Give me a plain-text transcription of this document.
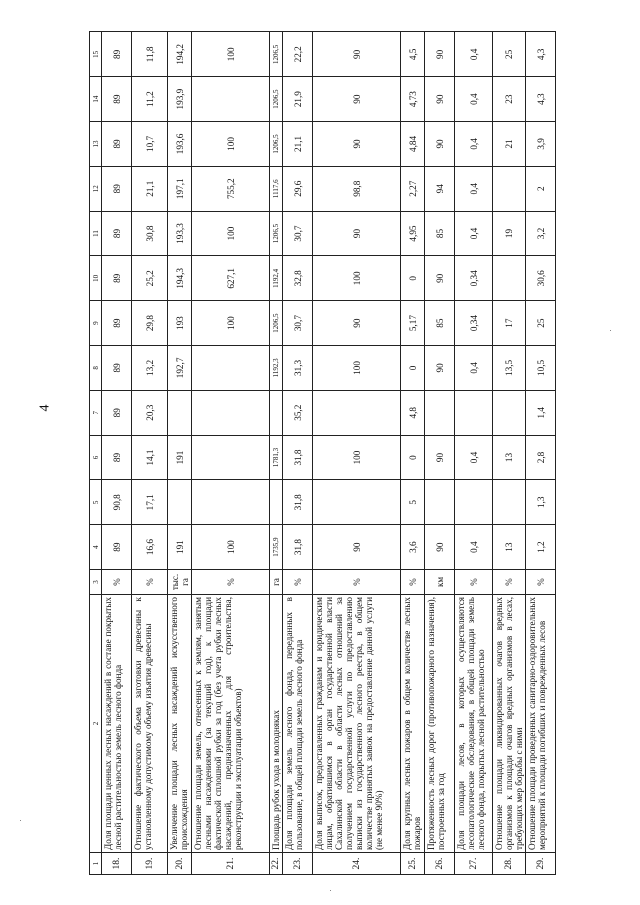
4
1	2	3	4	5	6	7	8	9	10	11	12	13	14	15
18.	Доля площади ценных лесных насаждений в составе покрытых лесной растительностью земель лесного фонда	%	89	90,8	89	89	89	89	89	89	89	89	89	89
19.	Отношение фактического объема заготовки древесины к установленному допустимому объему изъятия древесины	%	16,6	17,1	14,1	20,3	13,2	29,8	25,2	30,8	21,1	10,7	11,2	11,8
20.	Увеличение площади лесных насаждений искусственного происхождения	тыс. га	191		191		192,7	193	194,3	193,3	197,1	193,6	193,9	194,2
21.	Отношение площади земель, отнесенных к землям, занятым лесными насаждениями (за текущий год), к площади фактической сплошной рубки за год (без учета рубки лесных насаждений, предназначенных для строительства, реконструкции и эксплуатации объектов)	%	100					100	627,1	100	755,2	100		100
22.	Площадь рубок ухода в молодняках	га	1735,9		1781,3		1192,3	1206,5	1192,4	1206,5	1117,6	1206,5	1206,5	1206,5
23.	Доля площади земель лесного фонда, переданных в пользование, в общей площади земель лесного фонда	%	31,8	31,8	31,8	35,2	31,3	30,7	32,8	30,7	29,6	21,1	21,9	22,2
24.	Доля выписок, предоставленных гражданам и юридическим лицам, обратившимся в орган государственной власти Сахалинской области в области лесных отношений за получением государственной услуги по предоставлению выписки из государственного лесного реестра, в общем количестве принятых заявок на предоставление данной услуги (не менее 90%)	%	90		100		100	90	100	90	98,8	90	90	90
25.	Доля крупных лесных пожаров в общем количестве лесных пожаров	%	3,6	5	0	4,8	0	5,17	0	4,95	2,27	4,84	4,73	4,5
26.	Протяженность лесных дорог (противопожарного назначения), построенных за год	км	90		90		90	85	90	85	94	90	90	90
27.	Доля площади лесов, в которых осуществляются лесопатологические обследования, в общей площади земель лесного фонда, покрытых лесной растительностью	%	0,4		0,4		0,4	0,34	0,34	0,4	0,4	0,4	0,4	0,4
28.	Отношение площади ликвидированных очагов вредных организмов к площади очагов вредных организмов в лесах, требующих мер борьбы с ними	%	13		13		13,5	17		19		21	23	25
29.	Отношение площади проведенных санитарно-оздоровительных мероприятий к площади погибших и поврежденных лесов	%	1,2	1,3	2,8	1,4	10,5	25	30,6	3,2	2	3,9	4,3	4,3
